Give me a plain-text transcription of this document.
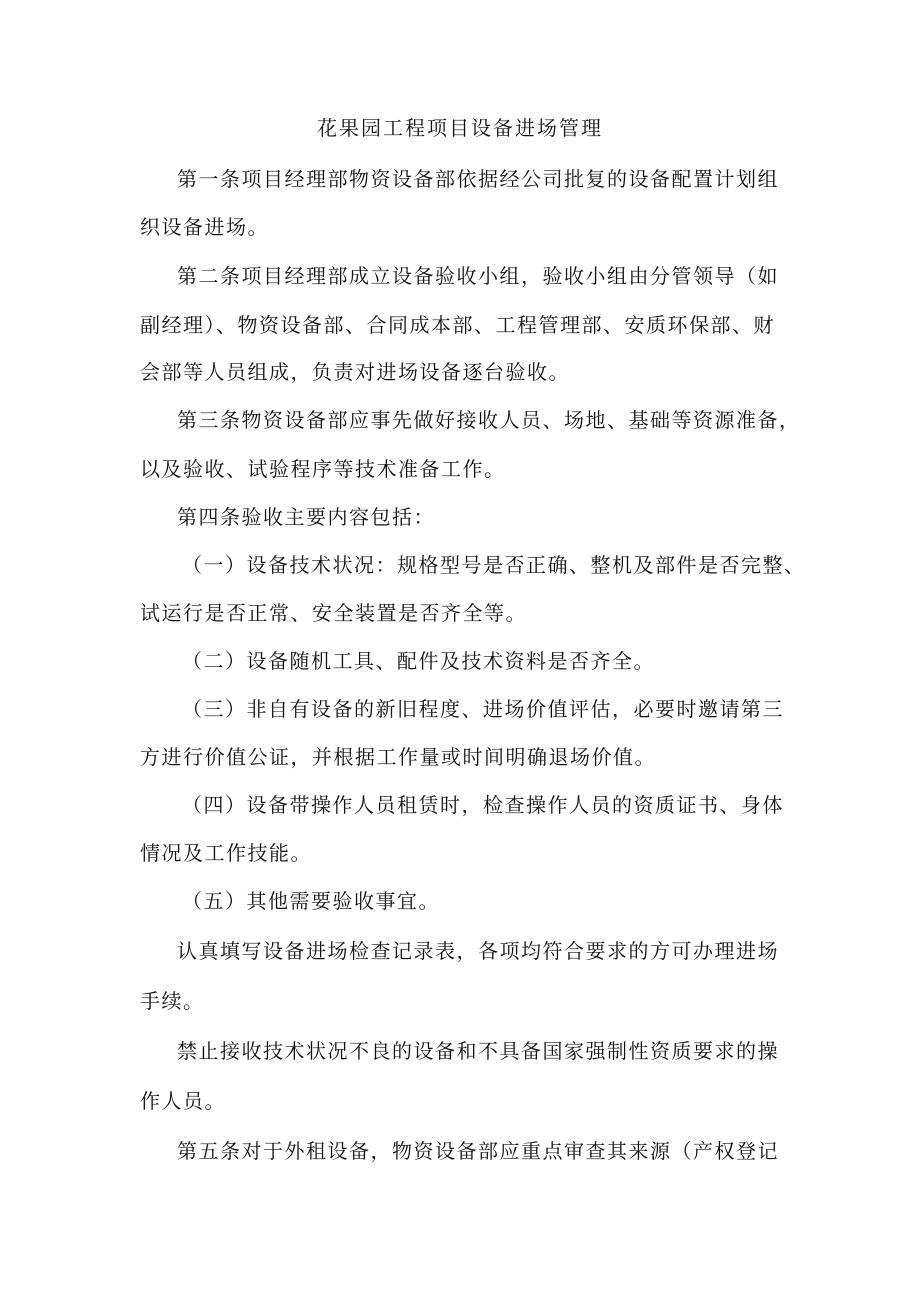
花果园工程项目设备进场管理
第一条项目经理部物资设备部依据经公司批复的设备配置计划组
织设备进场。
第二条项目经理部成立设备验收小组，验收小组由分管领导（如
副经理）、物资设备部、合同成本部、工程管理部、安质环保部、财
会部等人员组成，负责对进场设备逐台验收。
第三条物资设备部应事先做好接收人员、场地、基础等资源准备，
以及验收、试验程序等技术准备工作。
第四条验收主要内容包括：
（一）设备技术状况：规格型号是否正确、整机及部件是否完整、
试运行是否正常、安全装置是否齐全等。
（二）设备随机工具、配件及技术资料是否齐全。
（三）非自有设备的新旧程度、进场价值评估，必要时邀请第三
方进行价值公证，并根据工作量或时间明确退场价值。
（四）设备带操作人员租赁时，检查操作人员的资质证书、身体
情况及工作技能。
（五）其他需要验收事宜。
认真填写设备进场检查记录表，各项均符合要求的方可办理进场
手续。
禁止接收技术状况不良的设备和不具备国家强制性资质要求的操
作人员。
第五条对于外租设备，物资设备部应重点审查其来源（产权登记
